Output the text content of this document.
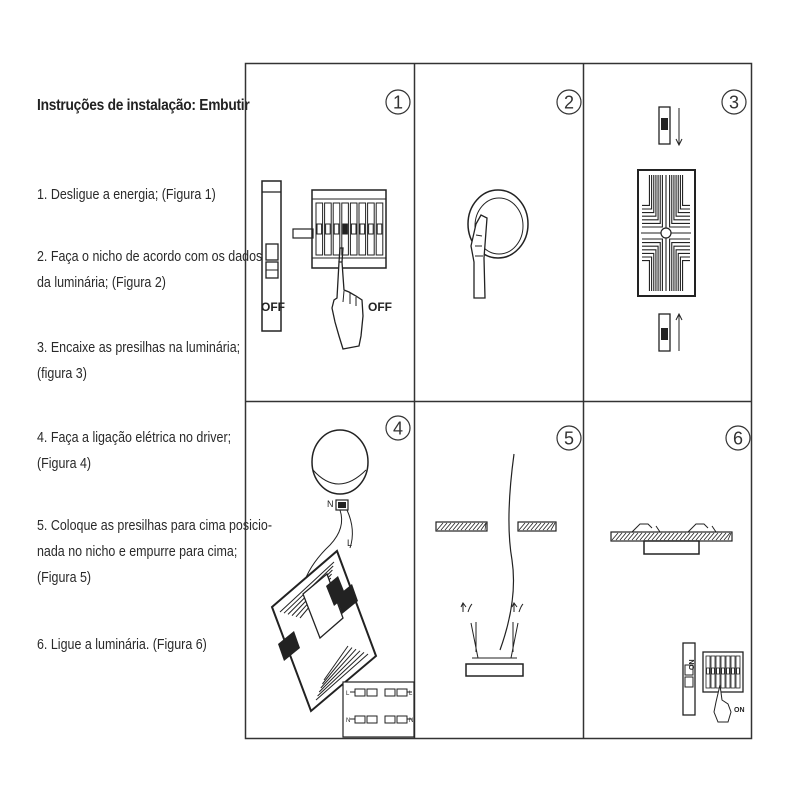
Instruções de instalação: Embutir
1. Desligue a energia; (Figura 1)
2. Faça o nicho de acordo com os dados
da luminária; (Figura 2)
3. Encaixe as presilhas na luminária;
(figura 3)
4. Faça a ligação elétrica no driver;
(Figura 4)
5. Coloque as presilhas para cima posicio-
nada no nicho e empurre para cima;
(Figura 5)
6. Ligue a luminária. (Figura 6)
1
OFF	OFF
2	3
4
N
L
L
N
L
N
5	6
ON
ON
